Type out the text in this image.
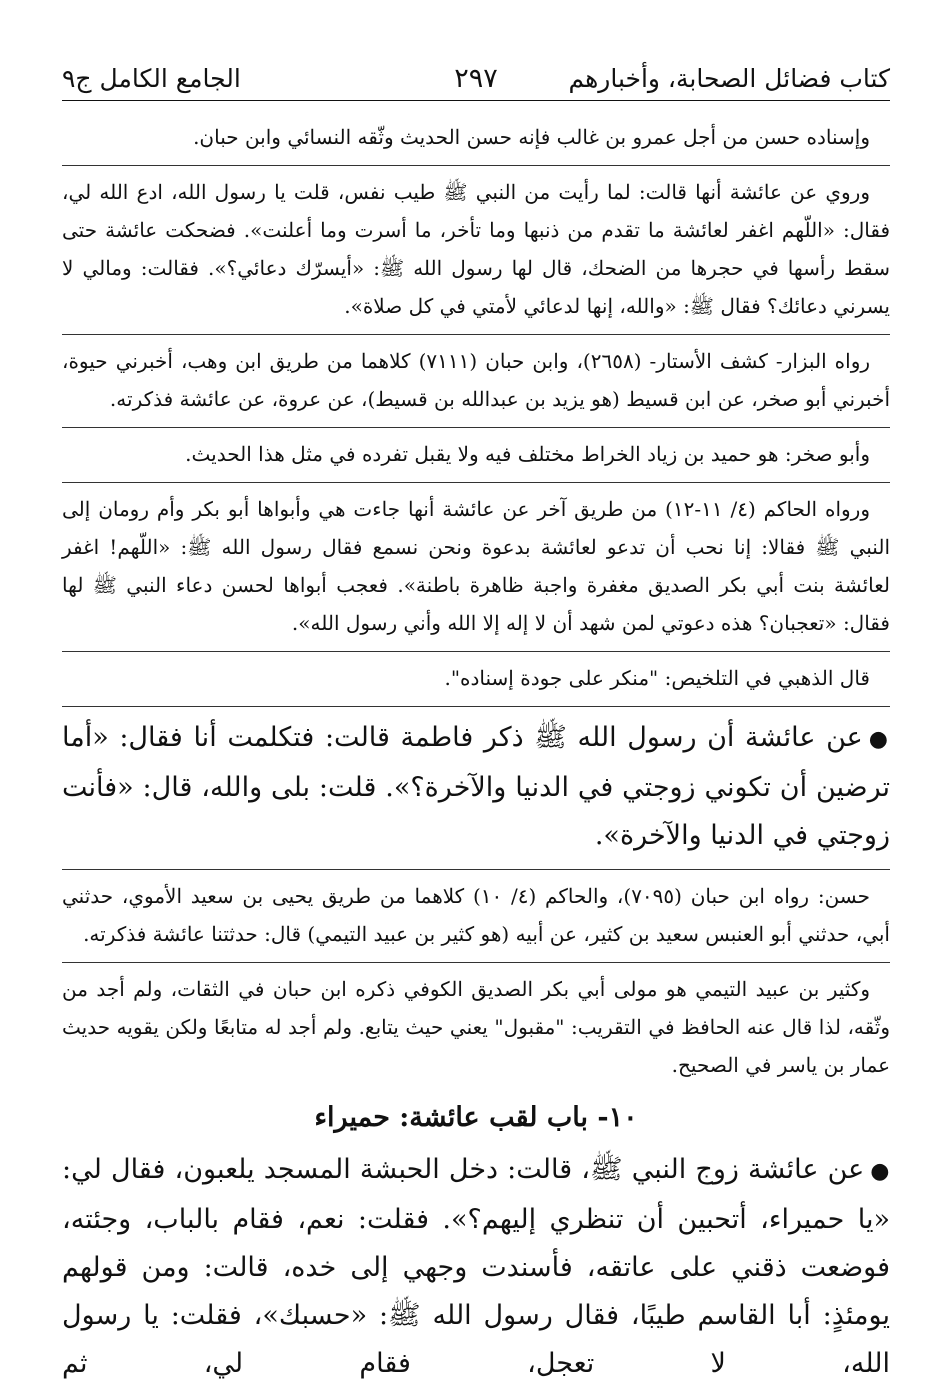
كتاب فضائل الصحابة، وأخبارهم
٢٩٧
الجامع الكامل ج٩

وإسناده حسن من أجل عمرو بن غالب فإنه حسن الحديث وثّقه النسائي وابن حبان.

وروي عن عائشة أنها قالت: لما رأيت من النبي ﷺ طيب نفس، قلت يا رسول الله، ادع الله لي، فقال: «اللّهم اغفر لعائشة ما تقدم من ذنبها وما تأخر، ما أسرت وما أعلنت». فضحكت عائشة حتى سقط رأسها في حجرها من الضحك، قال لها رسول الله ﷺ: «أيسرّك دعائي؟». فقالت: ومالي لا يسرني دعائك؟ فقال ﷺ: «والله، إنها لدعائي لأمتي في كل صلاة».

رواه البزار- كشف الأستار- (٢٦٥٨)، وابن حبان (٧١١١) كلاهما من طريق ابن وهب، أخبرني حيوة، أخبرني أبو صخر، عن ابن قسيط (هو يزيد بن عبدالله بن قسيط)، عن عروة، عن عائشة فذكرته.

وأبو صخر: هو حميد بن زياد الخراط مختلف فيه ولا يقبل تفرده في مثل هذا الحديث.

ورواه الحاكم (٤/ ١١-١٢) من طريق آخر عن عائشة أنها جاءت هي وأبواها أبو بكر وأم رومان إلى النبي ﷺ فقالا: إنا نحب أن تدعو لعائشة بدعوة ونحن نسمع فقال رسول الله ﷺ: «اللّهم! اغفر لعائشة بنت أبي بكر الصديق مغفرة واجبة ظاهرة باطنة». فعجب أبواها لحسن دعاء النبي ﷺ لها فقال: «تعجبان؟ هذه دعوتي لمن شهد أن لا إله إلا الله وأني رسول الله».

قال الذهبي في التلخيص: "منكر على جودة إسناده".

●عن عائشة أن رسول الله ﷺ ذكر فاطمة قالت: فتكلمت أنا فقال: «أما ترضين أن تكوني زوجتي في الدنيا والآخرة؟». قلت: بلى والله، قال: «فأنت زوجتي في الدنيا والآخرة».

حسن: رواه ابن حبان (٧٠٩٥)، والحاكم (٤/ ١٠) كلاهما من طريق يحيى بن سعيد الأموي، حدثني أبي، حدثني أبو العنبس سعيد بن كثير، عن أبيه (هو كثير بن عبيد التيمي) قال: حدثتنا عائشة فذكرته.

وكثير بن عبيد التيمي هو مولى أبي بكر الصديق الكوفي ذكره ابن حبان في الثقات، ولم أجد من وثّقه، لذا قال عنه الحافظ في التقريب: "مقبول" يعني حيث يتابع. ولم أجد له متابعًا ولكن يقويه حديث عمار بن ياسر في الصحيح.

١٠- باب لقب عائشة: حميراء

●عن عائشة زوج النبي ﷺ، قالت: دخل الحبشة المسجد يلعبون، فقال لي: «يا حميراء، أتحبين أن تنظري إليهم؟». فقلت: نعم، فقام بالباب، وجئته، فوضعت ذقني على عاتقه، فأسندت وجهي إلى خده، قالت: ومن قولهم يومئذٍ: أبا القاسم طيبًا، فقال رسول الله ﷺ: «حسبك»، فقلت: يا رسول الله، لا تعجل، فقام لي، ثم
